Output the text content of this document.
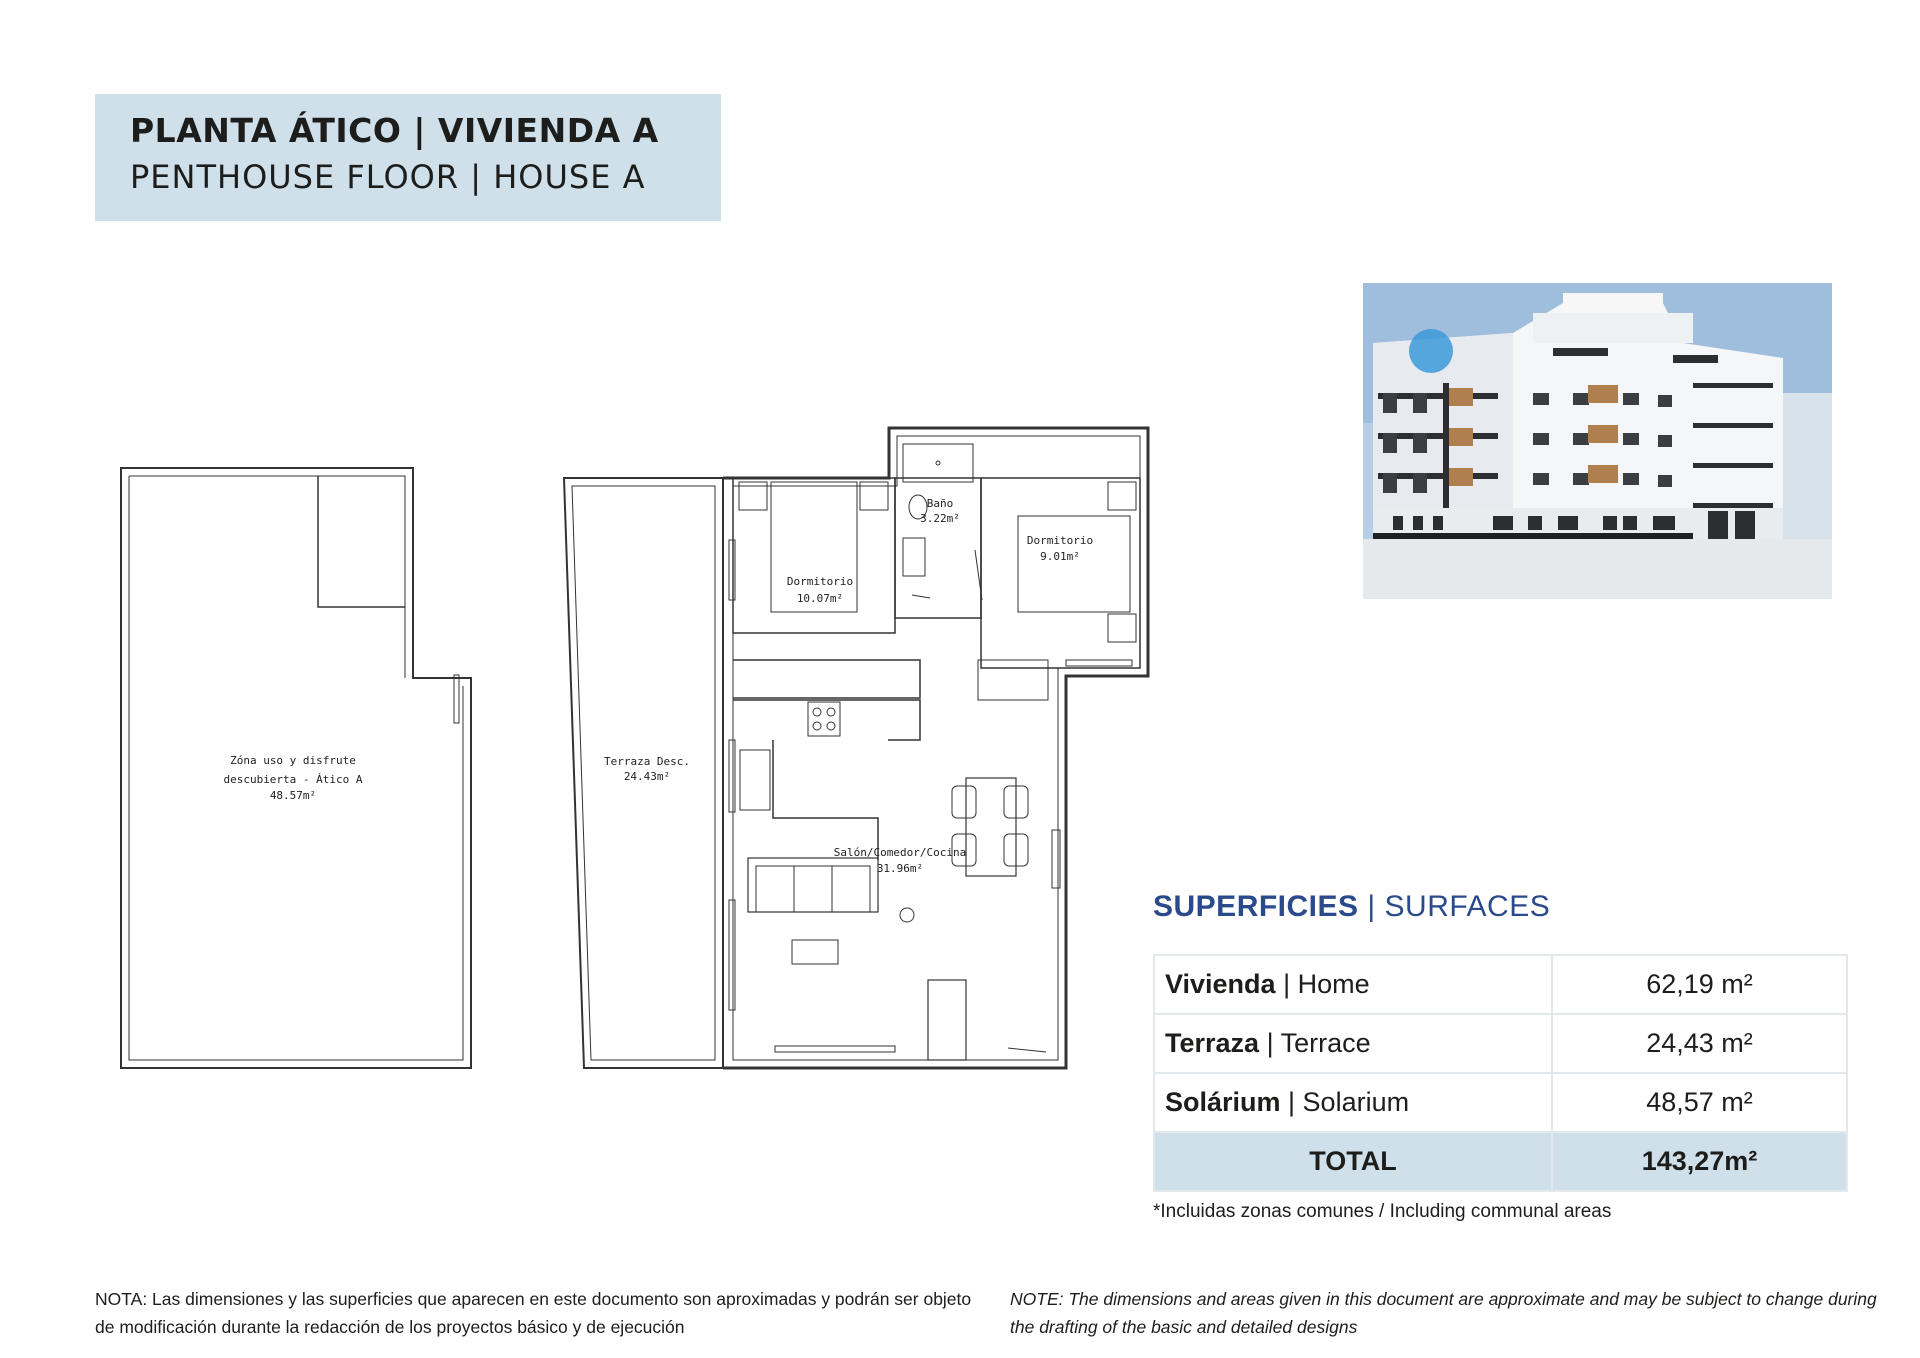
PLANTA ÁTICO | VIVIENDA A
PENTHOUSE FLOOR | HOUSE A
Zóna uso y disfrute
descubierta - Ático A
48.57m²
Terraza Desc.
24.43m²
Dormitorio
10.07m²
Baño
3.22m²
Dormitorio
9.01m²
Salón/Comedor/Cocina
31.96m²
SUPERFICIES | SURFACES
Vivienda | Home	62,19 m²
Terraza | Terrace	24,43 m²
Solárium | Solarium	48,57 m²
TOTAL	143,27m²
*Incluidas zonas comunes / Including communal areas
NOTA: Las dimensiones y las superficies que aparecen en este documento son aproximadas y podrán ser objeto de modificación durante la redacción de los proyectos básico y de ejecución
NOTE: The dimensions and areas given in this document are approximate and may be subject to change during the drafting of the basic and detailed designs
